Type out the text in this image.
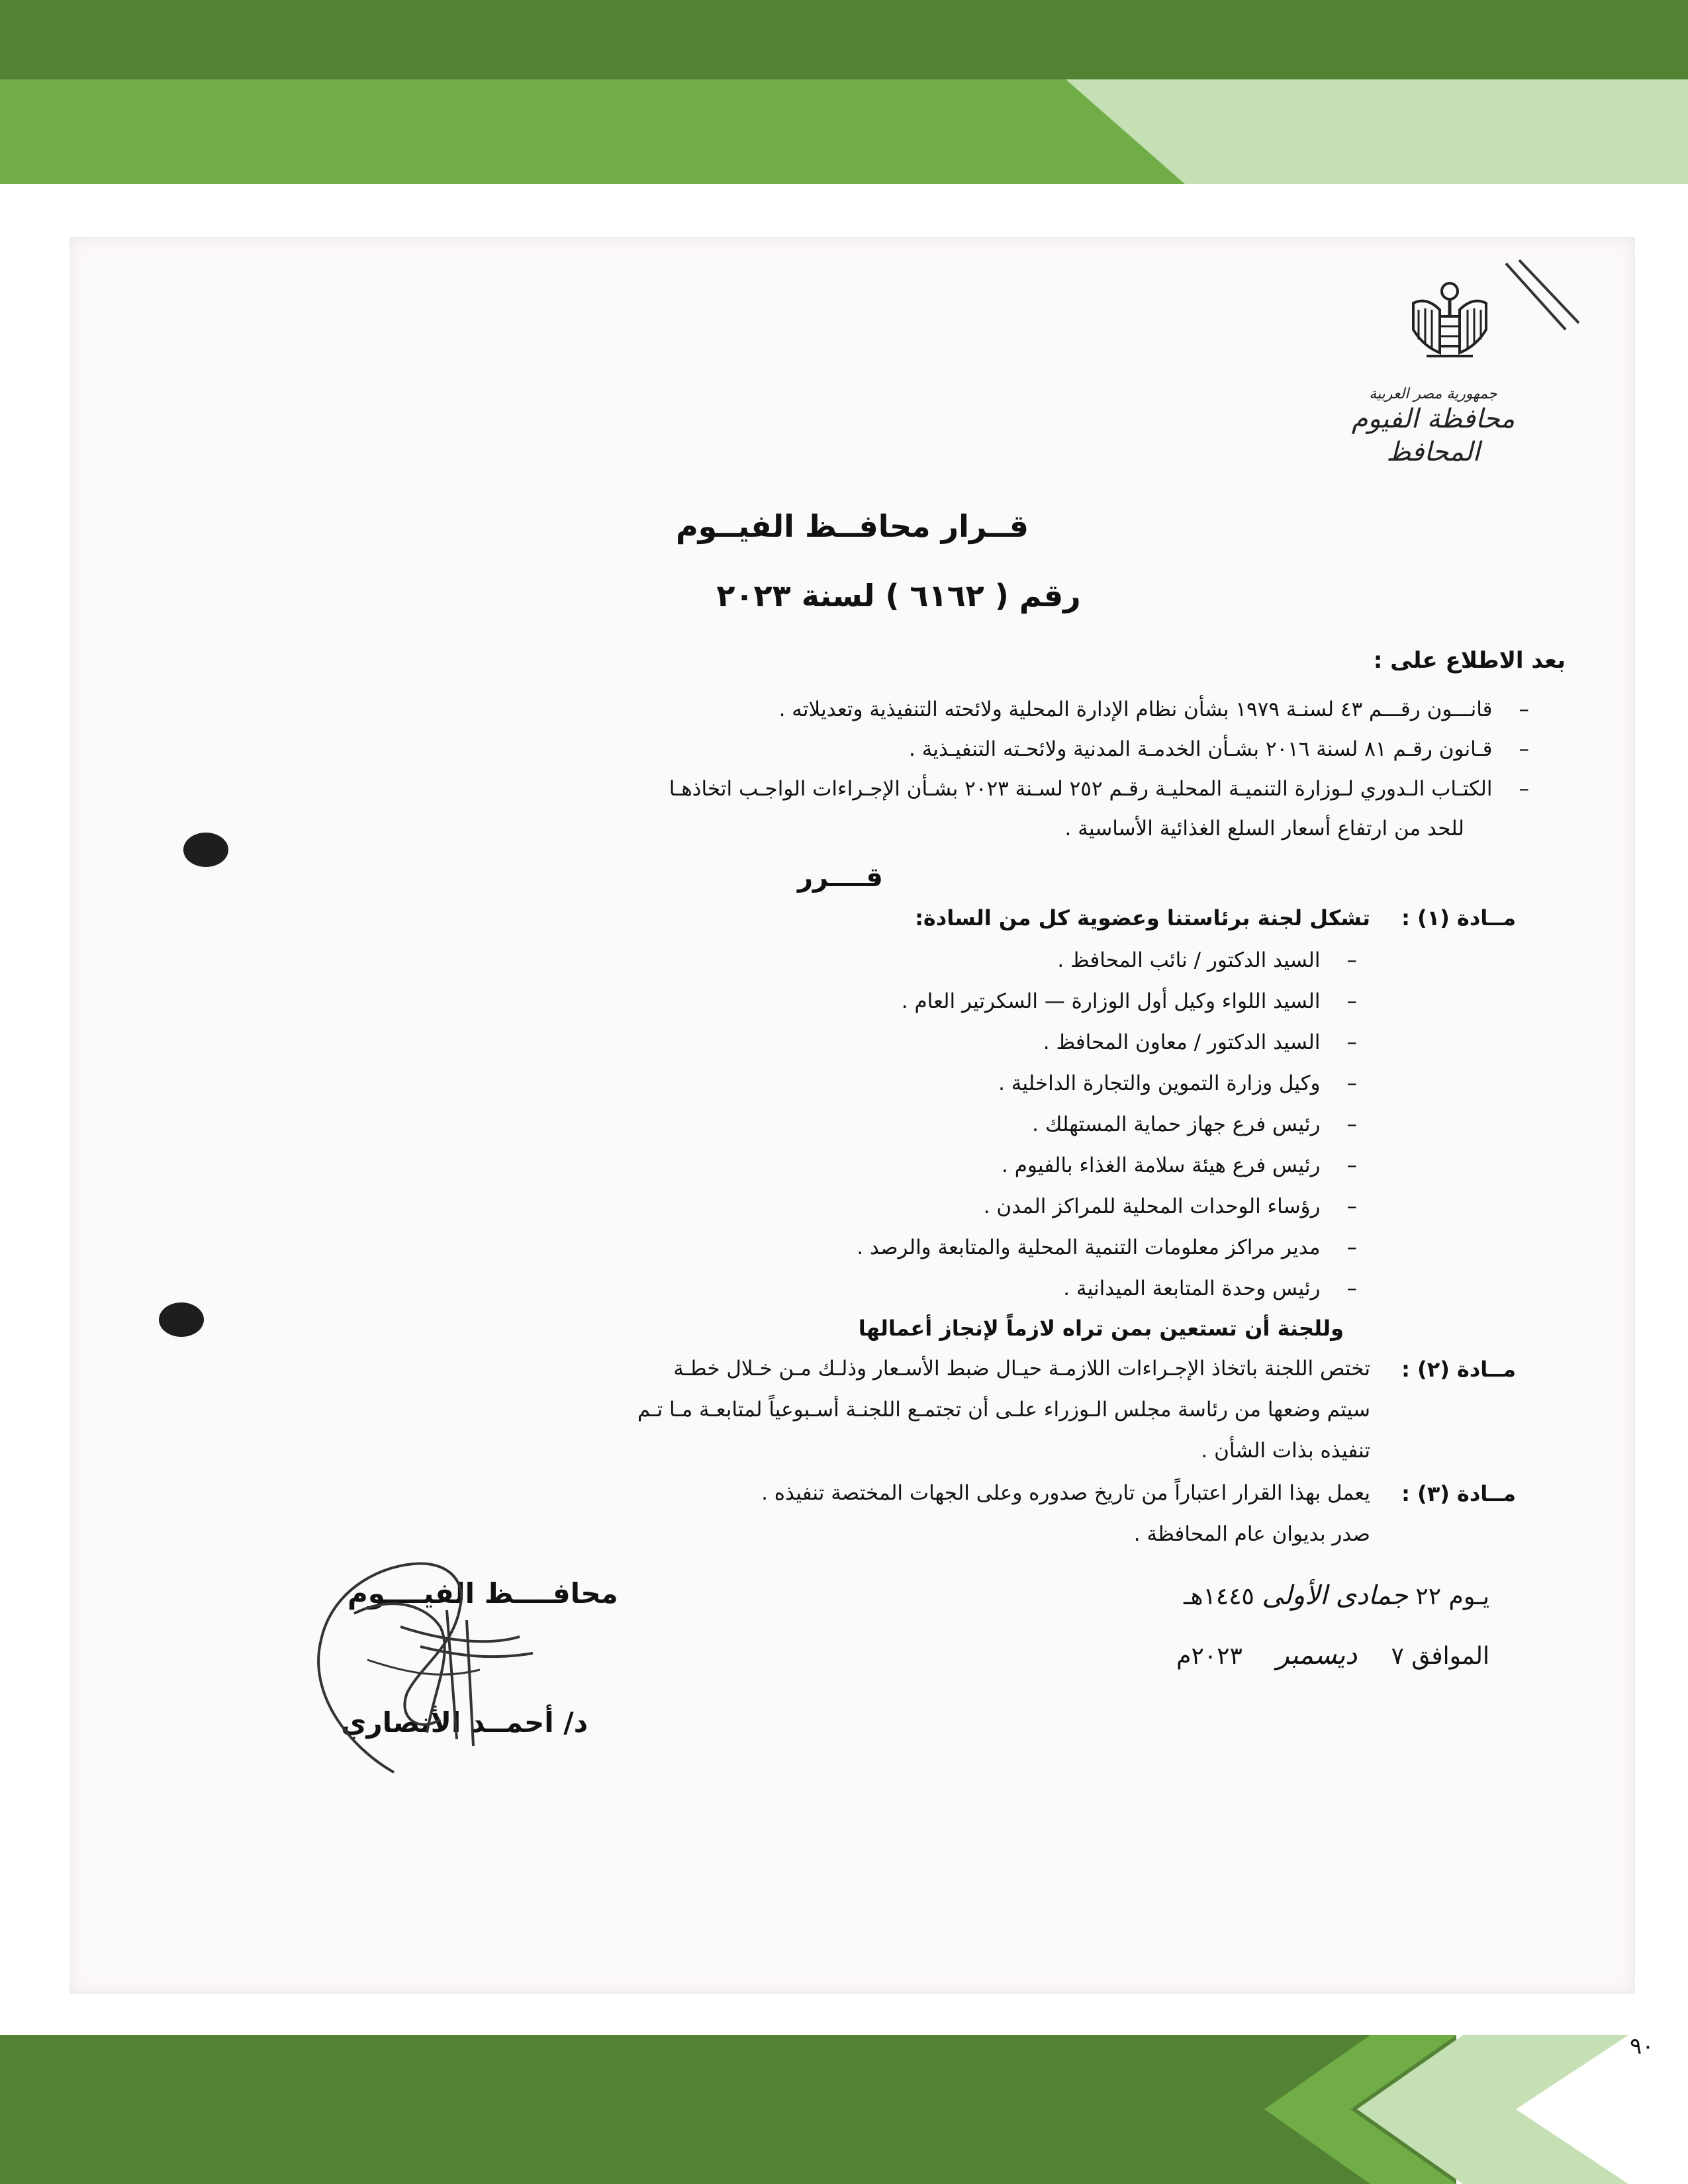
جمهورية مصر العربية
محافظة الفيوم
المحافظ
قــرار محافــظ الفيــوم
رقم ( ٦١٦٢ ) لسنة ٢٠٢٣
بعد الاطلاع على :
–قانـــون رقـــم ٤٣ لسنـة ١٩٧٩ بشأن نظام الإدارة المحلية ولائحته التنفيذية وتعديلاته .
–قـانون رقـم ٨١ لسنة ٢٠١٦ بشـأن الخدمـة المدنية ولائحـته التنفيـذية .
–الكتـاب الـدوري لـوزارة التنميـة المحليـة رقـم ٢٥٢ لسـنة ٢٠٢٣ بشـأن الإجـراءات الواجـب اتخاذهـا
للحد من ارتفاع أسعار السلع الغذائية الأساسية .
قــــرر
مــادة (١) :
تشكل لجنة برئاستنا وعضوية كل من السادة:
–السيد الدكتور / نائب المحافظ .
–السيد اللواء وكيل أول الوزارة — السكرتير العام .
–السيد الدكتور / معاون المحافظ .
–وكيل وزارة التموين والتجارة الداخلية .
–رئيس فرع جهاز حماية المستهلك .
–رئيس فرع هيئة سلامة الغذاء بالفيوم .
–رؤساء الوحدات المحلية للمراكز المدن .
–مدير مراكز معلومات التنمية المحلية والمتابعة والرصد .
–رئيس وحدة المتابعة الميدانية .
وللجنة أن تستعين بمن تراه لازماً لإنجاز أعمالها
مــادة (٢) :
تختص اللجنة باتخاذ الإجـراءات اللازمـة حيـال ضبط الأسـعار وذلـك مـن خـلال خطـة
سيتم وضعها من رئاسة مجلس الـوزراء علـى أن تجتمـع اللجنـة أسـبوعياً لمتابعـة مـا تـم
تنفيذه بذات الشأن .
مــادة (٣) :
يعمل بهذا القرار اعتباراً من تاريخ صدوره وعلى الجهات المختصة تنفيذه .
صدر بديوان عام المحافظة .
يـوم ٢٢ جمادى الأولى ١٤٤٥هـ
الموافق ٧ ديسمبر ٢٠٢٣م
محافــــظ الفيــــوم
د/ أحمــد الأنصاري
٩٠
